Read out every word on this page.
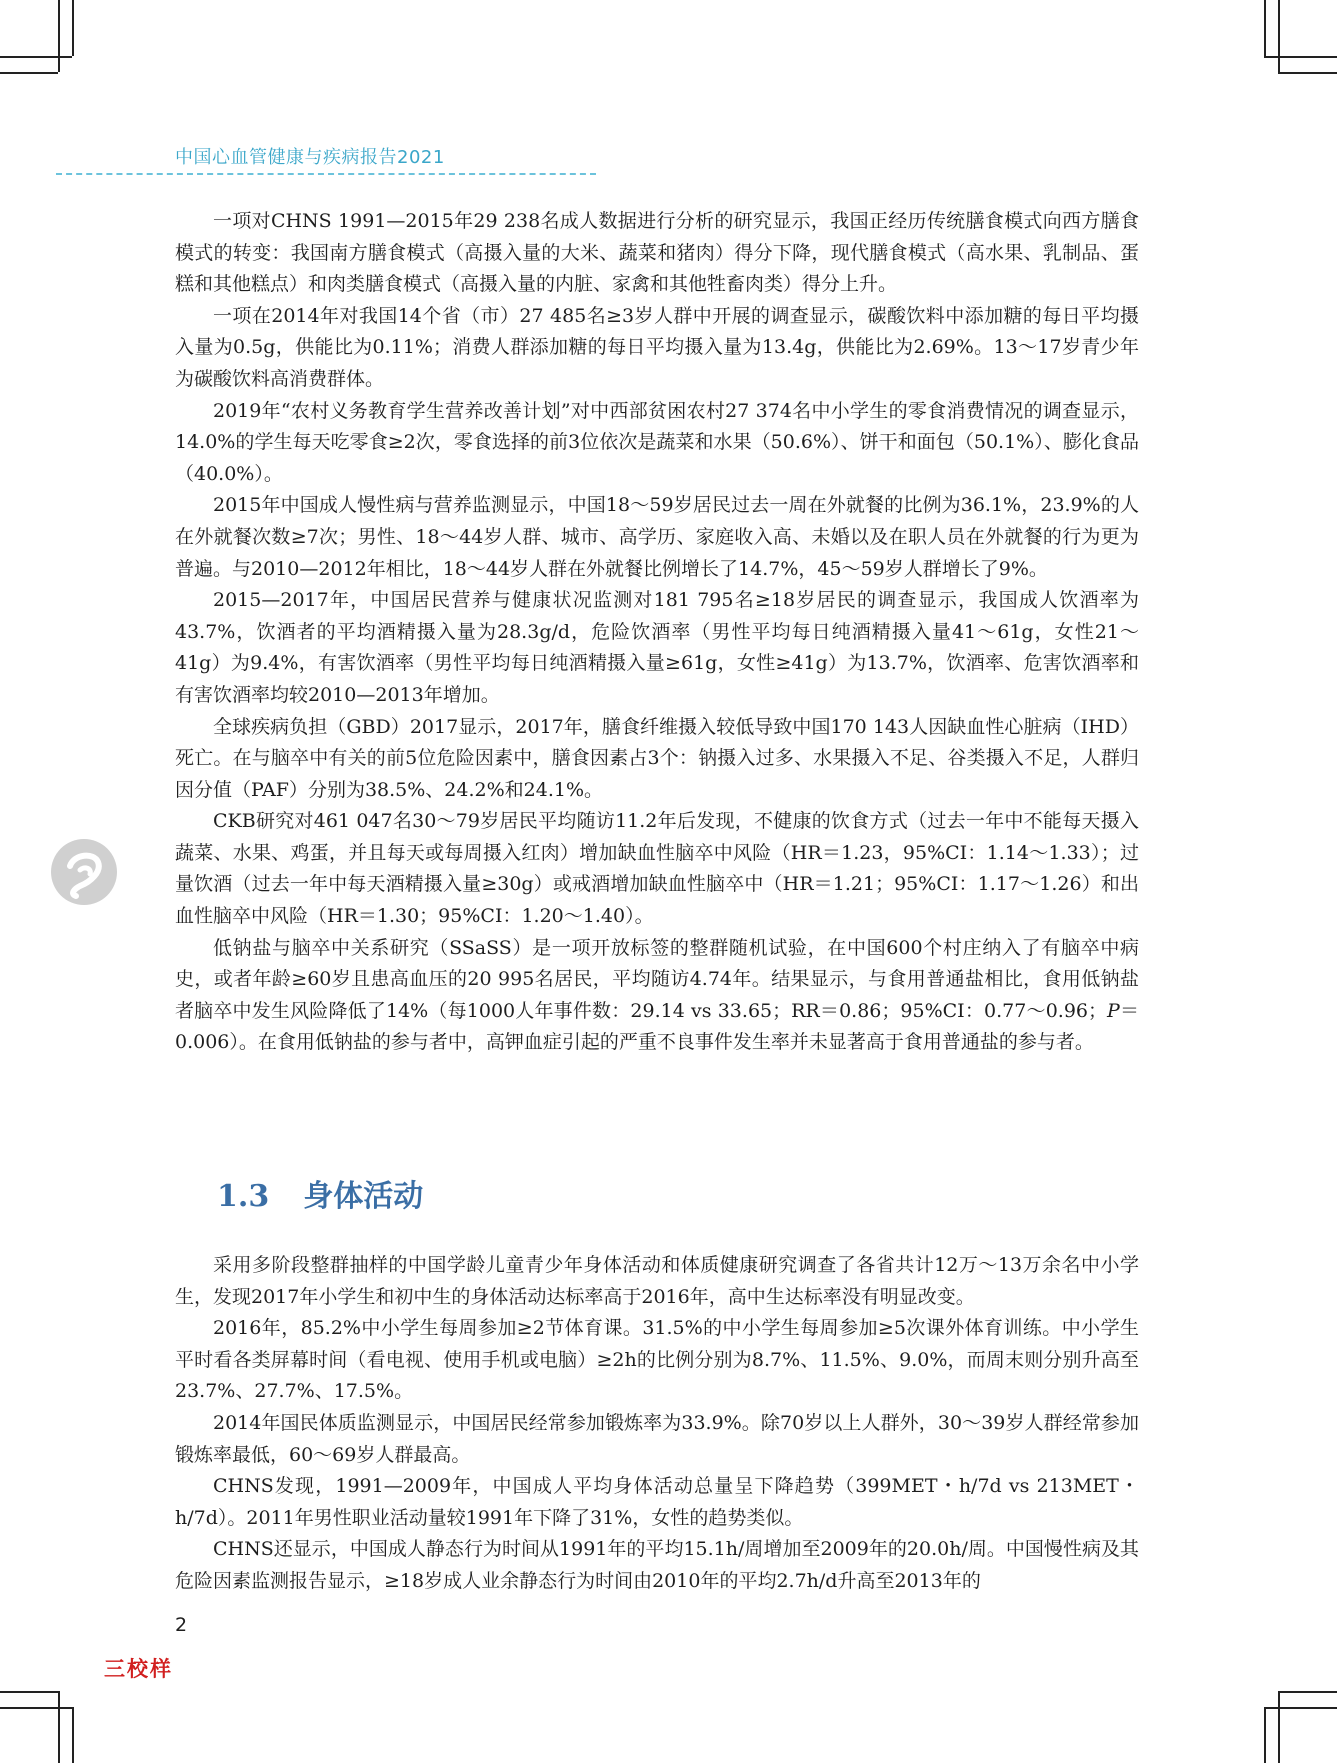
中国心血管健康与疾病报告2021

一项对CHNS 1991—2015年29 238名成人数据进行分析的研究显示，我国正经历传统膳食模式向西方膳食模式的转变：我国南方膳食模式（高摄入量的大米、蔬菜和猪肉）得分下降，现代膳食模式（高水果、乳制品、蛋糕和其他糕点）和肉类膳食模式（高摄入量的内脏、家禽和其他牲畜肉类）得分上升。

一项在2014年对我国14个省（市）27 485名≥3岁人群中开展的调查显示，碳酸饮料中添加糖的每日平均摄入量为0.5g，供能比为0.11%；消费人群添加糖的每日平均摄入量为13.4g，供能比为2.69%。13～17岁青少年为碳酸饮料高消费群体。

2019年“农村义务教育学生营养改善计划”对中西部贫困农村27 374名中小学生的零食消费情况的调查显示，14.0%的学生每天吃零食≥2次，零食选择的前3位依次是蔬菜和水果（50.6%）、饼干和面包（50.1%）、膨化食品（40.0%）。

2015年中国成人慢性病与营养监测显示，中国18～59岁居民过去一周在外就餐的比例为36.1%，23.9%的人在外就餐次数≥7次；男性、18～44岁人群、城市、高学历、家庭收入高、未婚以及在职人员在外就餐的行为更为普遍。与2010—2012年相比，18～44岁人群在外就餐比例增长了14.7%，45～59岁人群增长了9%。

2015—2017年，中国居民营养与健康状况监测对181 795名≥18岁居民的调查显示，我国成人饮酒率为43.7%，饮酒者的平均酒精摄入量为28.3g/d，危险饮酒率（男性平均每日纯酒精摄入量41～61g，女性21～41g）为9.4%，有害饮酒率（男性平均每日纯酒精摄入量≥61g，女性≥41g）为13.7%，饮酒率、危害饮酒率和有害饮酒率均较2010—2013年增加。

全球疾病负担（GBD）2017显示，2017年，膳食纤维摄入较低导致中国170 143人因缺血性心脏病（IHD）死亡。在与脑卒中有关的前5位危险因素中，膳食因素占3个：钠摄入过多、水果摄入不足、谷类摄入不足，人群归因分值（PAF）分别为38.5%、24.2%和24.1%。

CKB研究对461 047名30～79岁居民平均随访11.2年后发现，不健康的饮食方式（过去一年中不能每天摄入蔬菜、水果、鸡蛋，并且每天或每周摄入红肉）增加缺血性脑卒中风险（HR＝1.23，95%CI：1.14～1.33）；过量饮酒（过去一年中每天酒精摄入量≥30g）或戒酒增加缺血性脑卒中（HR＝1.21；95%CI：1.17～1.26）和出血性脑卒中风险（HR＝1.30；95%CI：1.20～1.40）。

低钠盐与脑卒中关系研究（SSaSS）是一项开放标签的整群随机试验，在中国600个村庄纳入了有脑卒中病史，或者年龄≥60岁且患高血压的20 995名居民，平均随访4.74年。结果显示，与食用普通盐相比，食用低钠盐者脑卒中发生风险降低了14%（每1000人年事件数：29.14 vs 33.65；RR＝0.86；95%CI：0.77～0.96；P＝0.006）。在食用低钠盐的参与者中，高钾血症引起的严重不良事件发生率并未显著高于食用普通盐的参与者。

1.3 身体活动

采用多阶段整群抽样的中国学龄儿童青少年身体活动和体质健康研究调查了各省共计12万～13万余名中小学生，发现2017年小学生和初中生的身体活动达标率高于2016年，高中生达标率没有明显改变。

2016年，85.2%中小学生每周参加≥2节体育课。31.5%的中小学生每周参加≥5次课外体育训练。中小学生平时看各类屏幕时间（看电视、使用手机或电脑）≥2h的比例分别为8.7%、11.5%、9.0%，而周末则分别升高至23.7%、27.7%、17.5%。

2014年国民体质监测显示，中国居民经常参加锻炼率为33.9%。除70岁以上人群外，30～39岁人群经常参加锻炼率最低，60～69岁人群最高。

CHNS发现，1991—2009年，中国成人平均身体活动总量呈下降趋势（399MET・h/7d vs 213MET・h/7d）。2011年男性职业活动量较1991年下降了31%，女性的趋势类似。

CHNS还显示，中国成人静态行为时间从1991年的平均15.1h/周增加至2009年的20.0h/周。中国慢性病及其危险因素监测报告显示，≥18岁成人业余静态行为时间由2010年的平均2.7h/d升高至2013年的

2
三校样
